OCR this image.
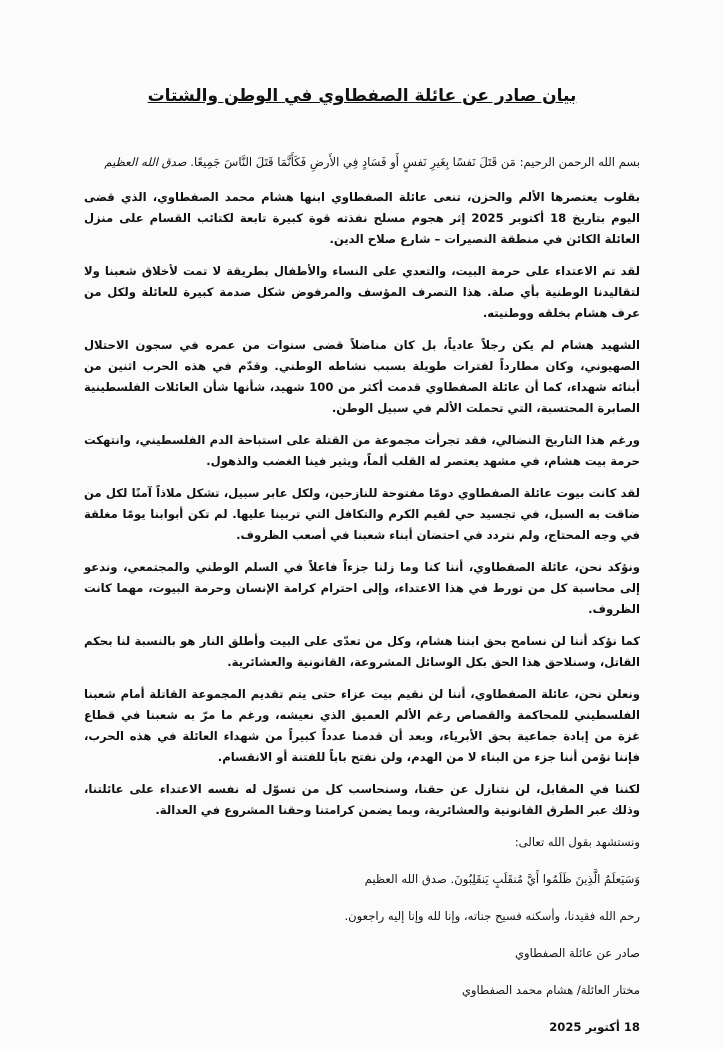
بيان صادر عن عائلة الصفطاوي في الوطن والشتات

بسم الله الرحمن الرحيم: مَن قَتَلَ نَفسًا بِغَيرِ نَفسٍ أَو فَسَادٍ فِي الأَرضِ فَكَأَنَّمَا قَتَلَ النَّاسَ جَمِيعًا. صدق الله العظيم

بقلوب يعتصرها الألم والحزن، تنعى عائلة الصفطاوي ابنها هشام محمد الصفطاوي، الذي قضى اليوم بتاريخ 18 أكتوبر 2025 إثر هجوم مسلح نفذته قوة كبيرة تابعة لكتائب القسام على منزل العائلة الكائن في منطقة النصيرات – شارع صلاح الدين.

لقد تم الاعتداء على حرمة البيت، والتعدي على النساء والأطفال بطريقة لا تمت لأخلاق شعبنا ولا لتقاليدنا الوطنية بأي صلة. هذا التصرف المؤسف والمرفوض شكل صدمة كبيرة للعائلة ولكل من عرف هشام بخلقه ووطنيته.

الشهيد هشام لم يكن رجلاً عادياً، بل كان مناضلاً قضى سنوات من عمره في سجون الاحتلال الصهيوني، وكان مطارداً لفترات طويلة بسبب نشاطه الوطني. وقدّم في هذه الحرب اثنين من أبنائه شهداء، كما أن عائلة الصفطاوي قدمت أكثر من 100 شهيد، شأنها شأن العائلات الفلسطينية الصابرة المحتسبة، التي تحملت الألم في سبيل الوطن.

ورغم هذا التاريخ النضالي، فقد تجرأت مجموعة من القتلة على استباحة الدم الفلسطيني، وانتهكت حرمة بيت هشام، في مشهد يعتصر له القلب ألماً، ويثير فينا الغضب والذهول.

لقد كانت بيوت عائلة الصفطاوي دومًا مفتوحة للنازحين، ولكل عابر سبيل، تشكل ملاذاً آمنًا لكل من ضاقت به السبل، في تجسيد حي لقيم الكرم والتكافل التي تربينا عليها. لم تكن أبوابنا يومًا مغلقة في وجه المحتاج، ولم نتردد في احتضان أبناء شعبنا في أصعب الظروف.

ونؤكد نحن، عائلة الصفطاوي، أننا كنا وما زلنا جزءاً فاعلاً في السلم الوطني والمجتمعي، وندعو إلى محاسبة كل من تورط في هذا الاعتداء، وإلى احترام كرامة الإنسان وحرمة البيوت، مهما كانت الظروف.

كما نؤكد أننا لن نسامح بحق ابننا هشام، وكل من تعدّى على البيت وأطلق النار هو بالنسبة لنا بحكم القاتل، وسنلاحق هذا الحق بكل الوسائل المشروعة، القانونية والعشائرية.

ونعلن نحن، عائلة الصفطاوي، أننا لن نقيم بيت عزاء حتى يتم تقديم المجموعة القاتلة أمام شعبنا الفلسطيني للمحاكمة والقصاص رغم الألم العميق الذي نعيشه، ورغم ما مرّ به شعبنا في قطاع غزة من إبادة جماعية بحق الأبرياء، وبعد أن قدمنا عدداً كبيراً من شهداء العائلة في هذه الحرب، فإننا نؤمن أننا جزء من البناء لا من الهدم، ولن نفتح باباً للفتنة أو الانقسام.

لكننا في المقابل، لن نتنازل عن حقنا، وسنحاسب كل من تسوّل له نفسه الاعتداء على عائلتنا، وذلك عبر الطرق القانونية والعشائرية، وبما يضمن كرامتنا وحقنا المشروع في العدالة.

ونستشهد بقول الله تعالى:

وَسَيَعلَمُ الَّذِينَ ظَلَمُوا أَيَّ مُنقَلَبٍ يَنقَلِبُونَ. صدق الله العظيم

رحم الله فقيدنا، وأسكنه فسيح جناته، وإنا لله وإنا إليه راجعون.

صادر عن عائلة الصفطاوي

مختار العائلة/ هشام محمد الصفطاوي

18 أكتوبر 2025
